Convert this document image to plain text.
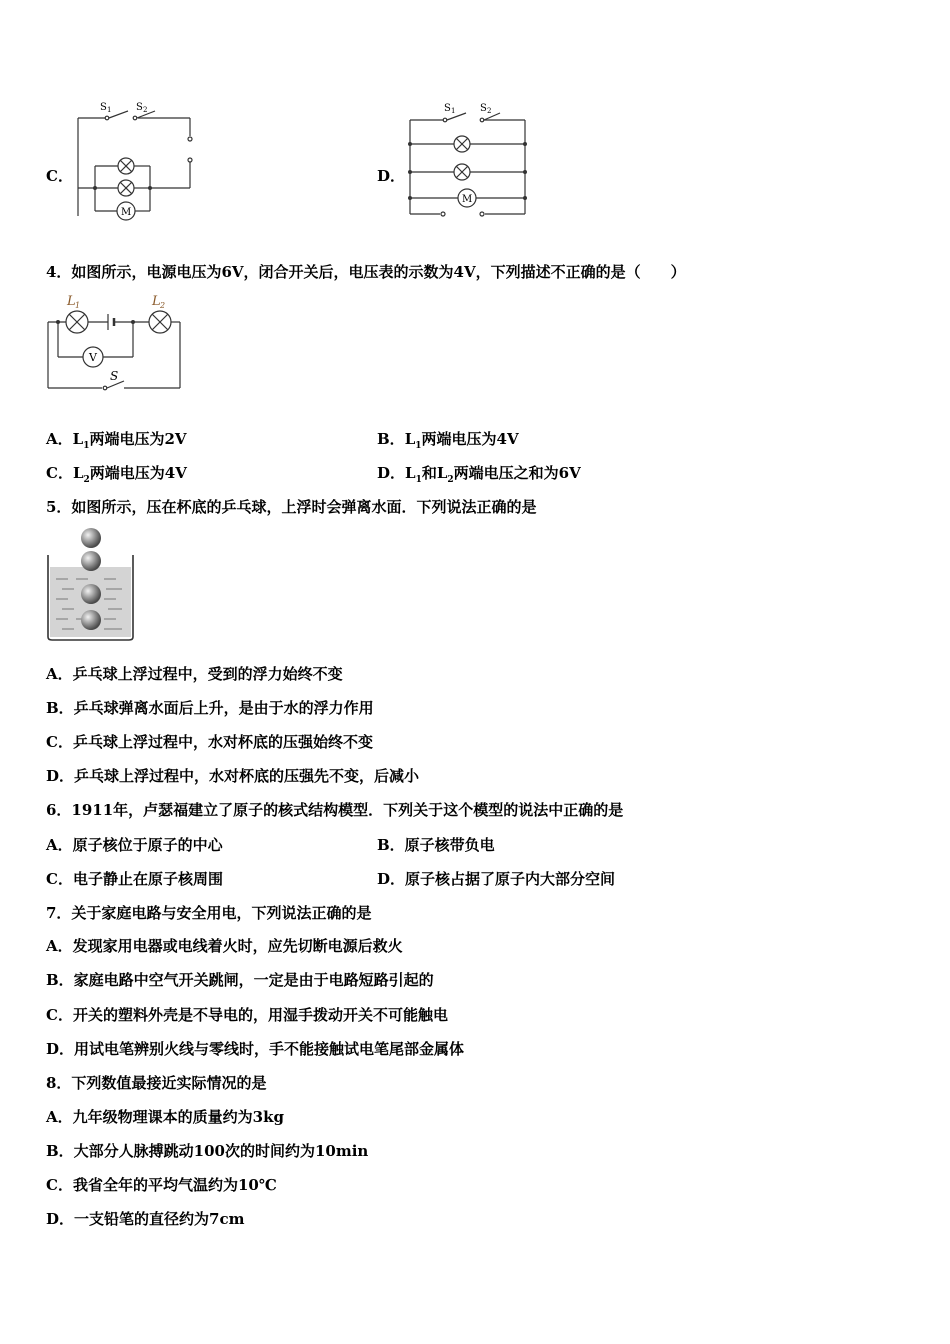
C．
S 1 S 2
M
D．
S 1 S 2
M
4．如图所示，电源电压为6V，闭合开关后，电压表的示数为4V，下列描述不正确的是（　　）
L 1	L 2
V
S
A．$L_1$两端电压为2V	B．$L_1$两端电压为4V
C．$L_2$两端电压为4V	D．$L_1$和$L_2$两端电压之和为6V
5．如图所示，压在杯底的乒乓球，上浮时会弹离水面．下列说法正确的是
A．乒乓球上浮过程中，受到的浮力始终不变
B．乒乓球弹离水面后上升，是由于水的浮力作用
C．乒乓球上浮过程中，水对杯底的压强始终不变
D．乒乓球上浮过程中，水对杯底的压强先不变，后减小
6．1911年，卢瑟福建立了原子的核式结构模型．下列关于这个模型的说法中正确的是
A．原子核位于原子的中心	B．原子核带负电
C．电子静止在原子核周围	D．原子核占据了原子内大部分空间
7．关于家庭电路与安全用电，下列说法正确的是
A．发现家用电器或电线着火时，应先切断电源后救火
B．家庭电路中空气开关跳闸，一定是由于电路短路引起的
C．开关的塑料外壳是不导电的，用湿手拨动开关不可能触电
D．用试电笔辨别火线与零线时，手不能接触试电笔尾部金属体
8．下列数值最接近实际情况的是
A．九年级物理课本的质量约为3kg
B．大部分人脉搏跳动100次的时间约为10min
C．我省全年的平均气温约为10℃
D．一支铅笔的直径约为7cm
